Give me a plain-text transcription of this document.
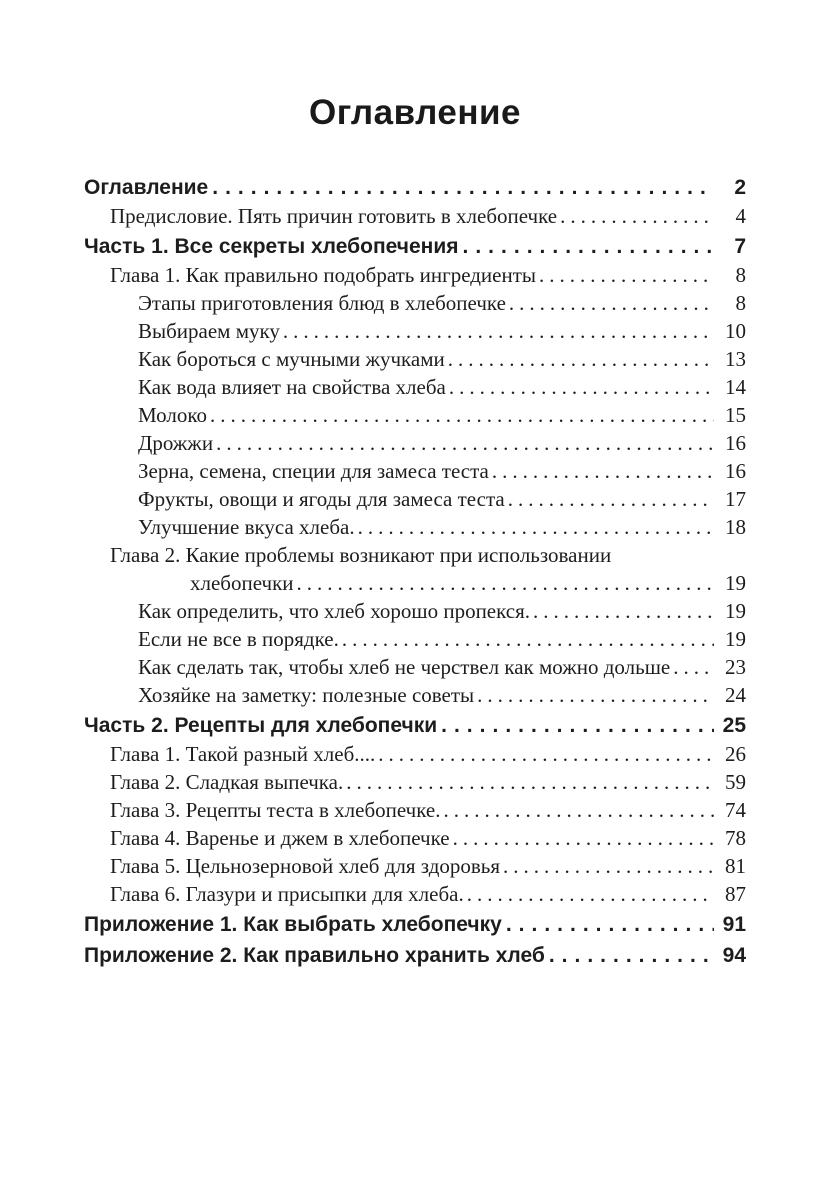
Оглавление
Оглавление .....	2
Предисловие. Пять причин готовить в хлебопечке .....	4
Часть 1. Все секреты хлебопечения .....	7
Глава 1. Как правильно подобрать ингредиенты .....	8
Этапы приготовления блюд в хлебопечке .....	8
Выбираем муку .....	10
Как бороться с мучными жучками .....	13
Как вода влияет на свойства хлеба .....	14
Молоко .....	15
Дрожжи .....	16
Зерна, семена, специи для замеса теста .....	16
Фрукты, овощи и ягоды для замеса теста .....	17
Улучшение вкуса хлеба. .....	18
Глава 2. Какие проблемы возникают при использовании
хлебопечки .....	19
Как определить, что хлеб хорошо пропекся. .....	19
Если не все в порядке. .....	19
Как сделать так, чтобы хлеб не черствел как можно дольше .....	23
Хозяйке на заметку: полезные советы .....	24
Часть 2. Рецепты для хлебопечки .....	25
Глава 1. Такой разный хлеб.... .....	26
Глава 2. Сладкая выпечка. .....	59
Глава 3. Рецепты теста в хлебопечке. .....	74
Глава 4. Варенье и джем в хлебопечке .....	78
Глава 5. Цельнозерновой хлеб для здоровья .....	81
Глава 6. Глазури и присыпки для хлеба. .....	87
Приложение 1. Как выбрать хлебопечку .....	91
Приложение 2. Как правильно хранить хлеб .....	94
